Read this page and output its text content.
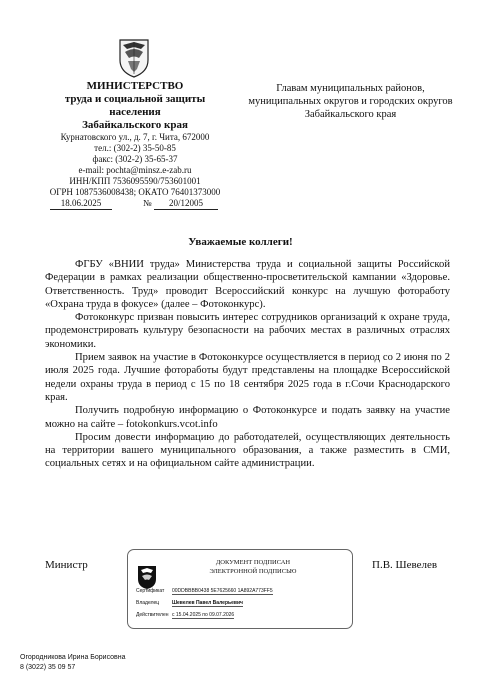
МИНИСТЕРСТВО
труда и социальной защиты
населения
Забайкальского края
Курнатовского ул., д. 7, г. Чита, 672000
тел.: (302-2) 35-50-85
факс: (302-2) 35-65-37
e-mail: pochta@minsz.e-zab.ru
ИНН/КПП 7536095590/753601001
ОГРН 1087536008438; ОКАТО 76401373000
18.06.2025	№	20/12005
Главам муниципальных районов, муниципальных округов и городских округов Забайкальского края
Уважаемые коллеги!

ФГБУ «ВНИИ труда» Министерства труда и социальной защиты Российской Федерации в рамках реализации общественно-просветительской кампании «Здоровье. Ответственность. Труд» проводит Всероссийский конкурс на лучшую фотоработу «Охрана труда в фокусе» (далее – Фотоконкурс).

Фотоконкурс призван повысить интерес сотрудников организаций к охране труда, продемонстрировать культуру безопасности на рабочих местах в различных отраслях экономики.

Прием заявок на участие в Фотоконкурсе осуществляется в период со 2 июня по 2 июля 2025 года. Лучшие фотоработы будут представлены на площадке Всероссийской недели охраны труда в период с 15 по 18 сентября 2025 года в г.Сочи Краснодарского края.

Получить подробную информацию о Фотоконкурсе и подать заявку на участие можно на сайте – fotokonkurs.vcot.info

Просим довести информацию до работодателей, осуществляющих деятельность на территории вашего муниципального образования, а также разместить в СМИ, социальных сетях и на официальном сайте администрации.

Министр	П.В. Шевелев
ДОКУМЕНТ ПОДПИСАН
ЭЛЕКТРОННОЙ ПОДПИСЬЮ
Сертификат 00DDBBBB0438 5E7625660 1A892A773FF5
Владелец	Шевелев Павел Валерьевич
Действителен с 15.04.2025 по 09.07.2026
Огородникова Ирина Борисовна
8 (3022) 35 09 57
